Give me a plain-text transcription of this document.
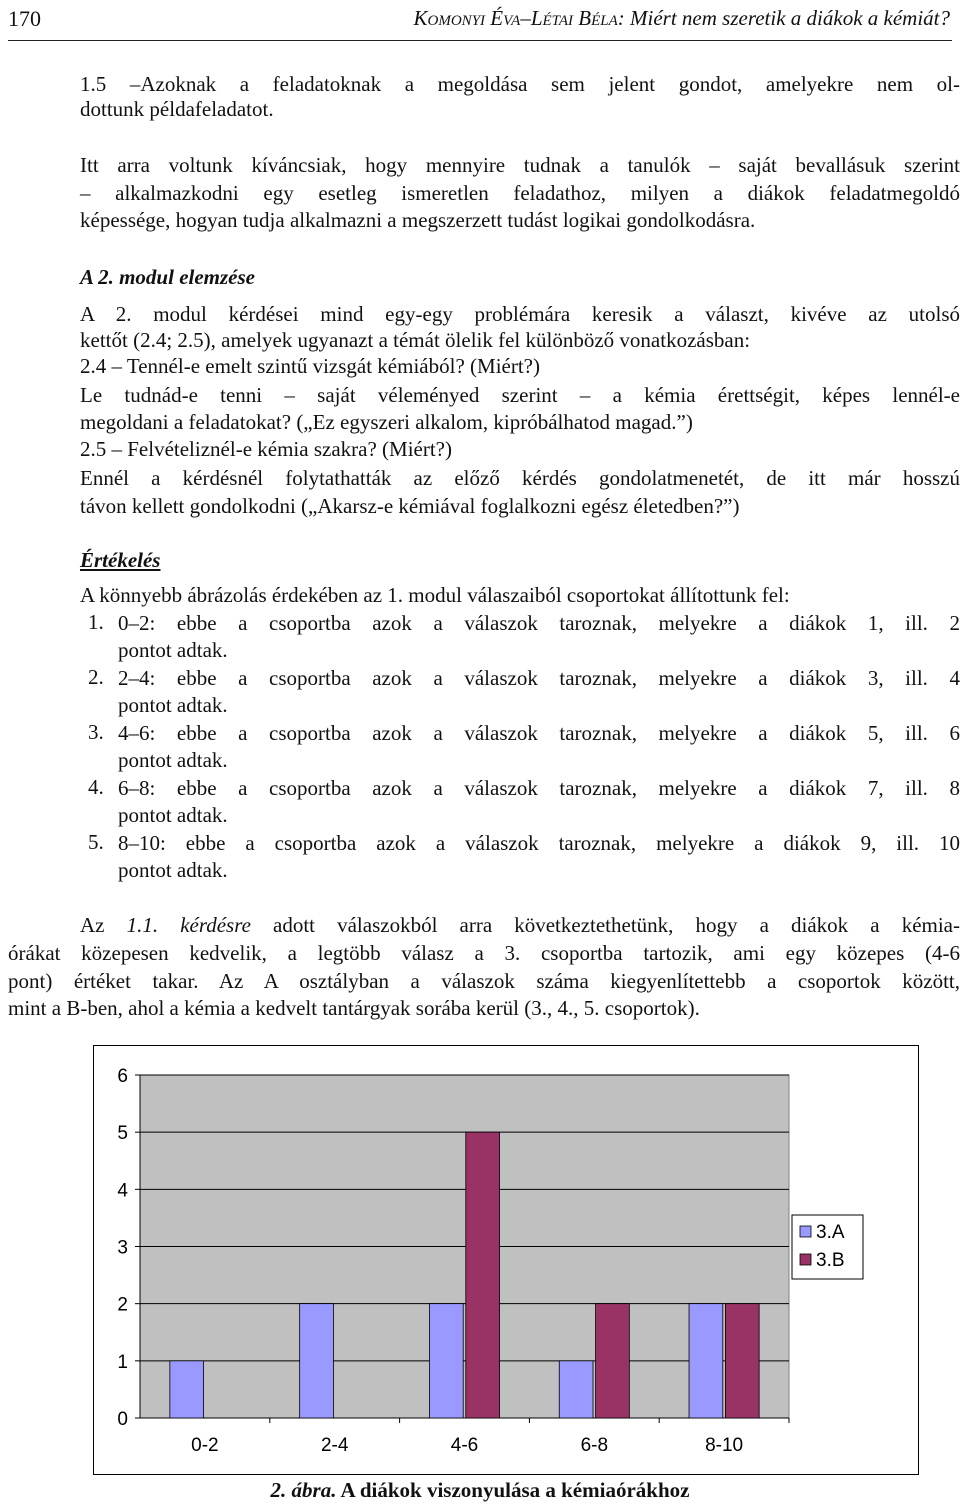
170	Komonyi Éva–Létai Béla: Miért nem szeretik a diákok a kémiát?
1.5 –Azoknak a feladatoknak a megoldása sem jelent gondot, amelyekre nem ol-
dottunk példafeladatot.
Itt arra voltunk kíváncsiak, hogy mennyire tudnak a tanulók – saját bevallásuk szerint
– alkalmazkodni egy esetleg ismeretlen feladathoz, milyen a diákok feladatmegoldó
képessége, hogyan tudja alkalmazni a megszerzett tudást logikai gondolkodásra.
A 2. modul elemzése
A 2. modul kérdései mind egy-egy problémára keresik a választ, kivéve az utolsó
kettőt (2.4; 2.5), amelyek ugyanazt a témát ölelik fel különböző vonatkozásban:
2.4 – Tennél-e emelt szintű vizsgát kémiából? (Miért?)
Le tudnád-e tenni – saját véleményed szerint – a kémia érettségit, képes lennél-e
megoldani a feladatokat? („Ez egyszeri alkalom, kipróbálhatod magad.”)
2.5 – Felvételiznél-e kémia szakra? (Miért?)
Ennél a kérdésnél folytathatták az előző kérdés gondolatmenetét, de itt már hosszú
távon kellett gondolkodni („Akarsz-e kémiával foglalkozni egész életedben?”)
Értékelés
A könnyebb ábrázolás érdekében az 1. modul válaszaiból csoportokat állítottunk fel:
1. 0–2: ebbe a csoportba azok a válaszok taroznak, melyekre a diákok 1, ill. 2
pontot adtak.
2. 2–4: ebbe a csoportba azok a válaszok taroznak, melyekre a diákok 3, ill. 4
pontot adtak.
3. 4–6: ebbe a csoportba azok a válaszok taroznak, melyekre a diákok 5, ill. 6
pontot adtak.
4. 6–8: ebbe a csoportba azok a válaszok taroznak, melyekre a diákok 7, ill. 8
pontot adtak.
5. 8–10: ebbe a csoportba azok a válaszok taroznak, melyekre a diákok 9, ill. 10
pontot adtak.
Az 1.1. kérdésre adott válaszokból arra következtethetünk, hogy a diákok a kémia-
órákat közepesen kedvelik, a legtöbb válasz a 3. csoportba tartozik, ami egy közepes (4-6
pont) értéket takar. Az A osztályban a válaszok száma kiegyenlítettebb a csoportok között,
mint a B-ben, ahol a kémia a kedvelt tantárgyak sorába kerül (3., 4., 5. csoportok).
0
1
2
3
4
5
6
0-2	2-4	4-6	6-8	8-10
3.A
3.B
2. ábra. A diákok viszonyulása a kémiaórákhoz
